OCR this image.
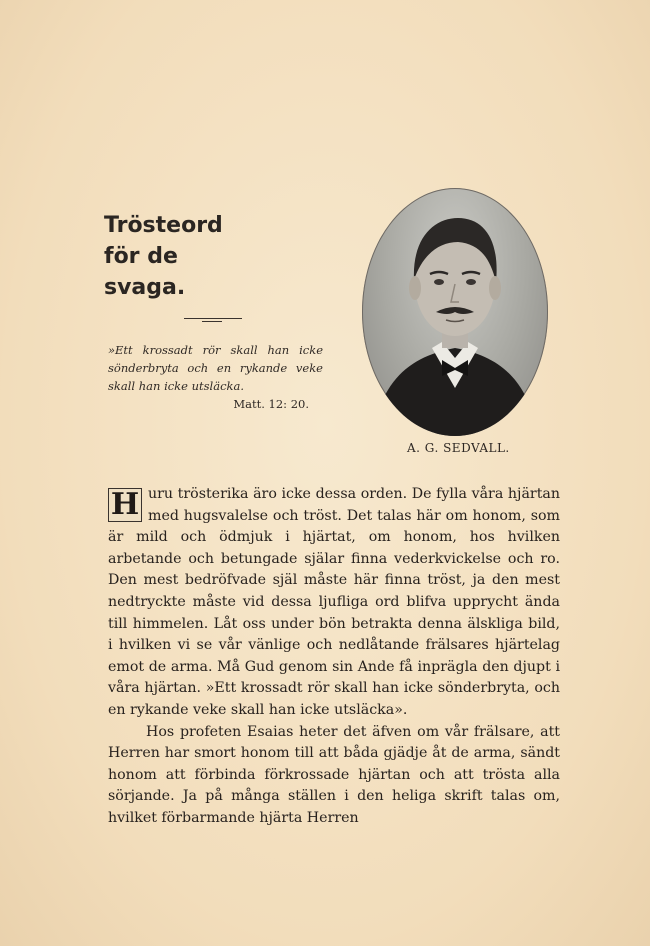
Trösteord
för de
svaga.
»Ett krossadt rör skall han icke sönderbryta och en rykande veke skall han icke utsläcka.
Matt. 12: 20.
A. G. SEDVALL.

H uru trösterika äro icke dessa orden. De fylla våra hjärtan med hugsvalelse och tröst. Det talas här om honom, som är mild och ödmjuk i hjärtat, om honom, hos hvilken arbetande och betungade själar finna vederkvickelse och ro. Den mest bedröfvade själ måste här finna tröst, ja den mest nedtryckte måste vid dessa ljufliga ord blifva upprycht ända till himmelen. Låt oss under bön betrakta denna älskliga bild, i hvilken vi se vår vänlige och nedlåtande frälsares hjärtelag emot de arma. Må Gud genom sin Ande få inprägla den djupt i våra hjärtan. »Ett krossadt rör skall han icke sönderbryta, och en rykande veke skall han icke utsläcka».

Hos profeten Esaias heter det äfven om vår frälsare, att Herren har smort honom till att båda gjädje åt de arma, sändt honom att förbinda förkrossade hjärtan och att trösta alla sörjande. Ja på många ställen i den heliga skrift talas om, hvilket förbarmande hjärta Herren
